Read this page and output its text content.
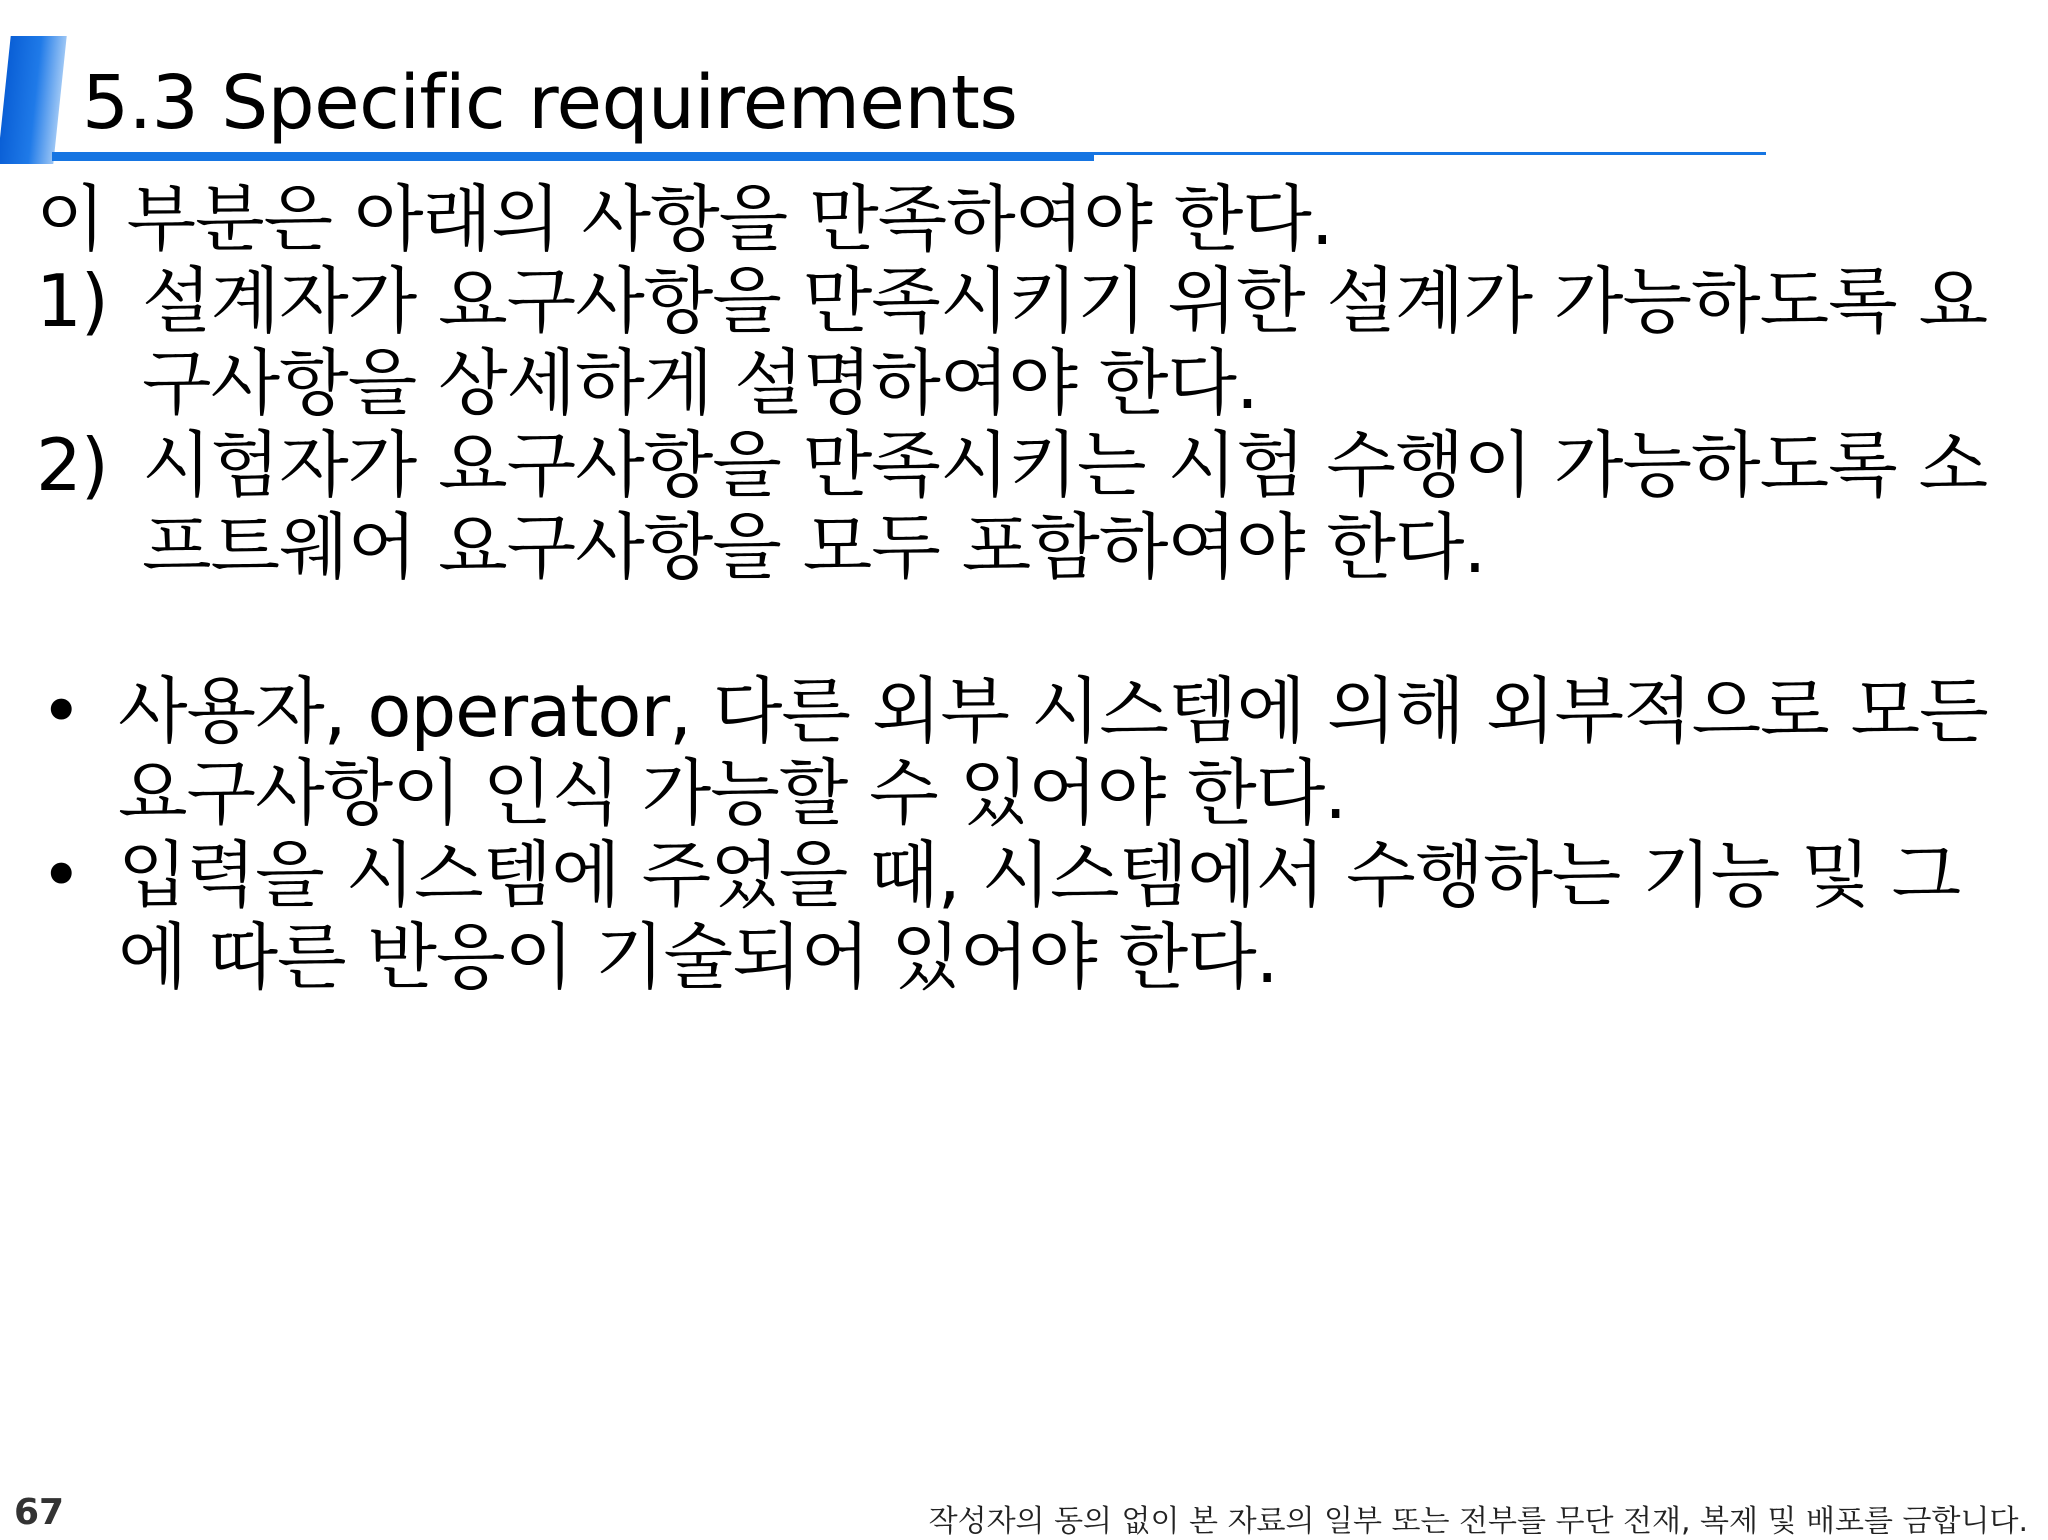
5.3 Specific requirements

이 부분은 아래의 사항을 만족하여야 한다.

1) 설계자가 요구사항을 만족시키기 위한 설계가 가능하도록 요구사항을 상세하게 설명하여야 한다.
2) 시험자가 요구사항을 만족시키는 시험 수행이 가능하도록 소프트웨어 요구사항을 모두 포함하여야 한다.
• 사용자, operator, 다른 외부 시스템에 의해 외부적으로 모든 요구사항이 인식 가능할 수 있어야 한다.
• 입력을 시스템에 주었을 때, 시스템에서 수행하는 기능 및 그에 따른 반응이 기술되어 있어야 한다.
67	작성자의 동의 없이 본 자료의 일부 또는 전부를 무단 전재, 복제 및 배포를 금합니다.
